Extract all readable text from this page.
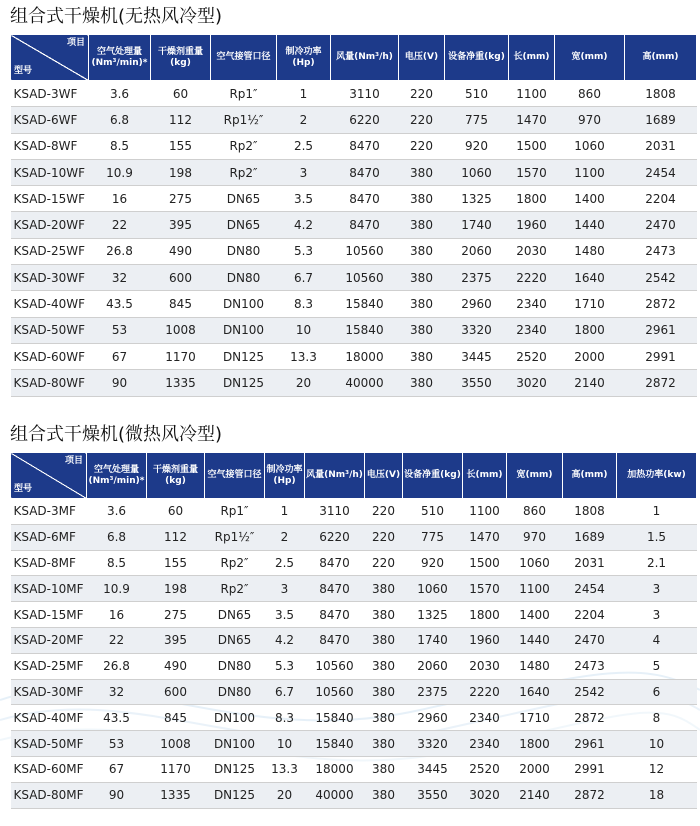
组合式干燥机(无热风冷型)
项目
型号	空气处理量(Nm³/min)*	干燥剂重量(kg)	空气接管口径	制冷功率(Hp)	风量(Nm³/h)	电压(V)	设备净重(kg)	长(mm)	宽(mm)	高(mm)
KSAD-3WF	3.6	60	Rp1″	1	3110	220	510	1100	860	1808
KSAD-6WF	6.8	112	Rp1½″	2	6220	220	775	1470	970	1689
KSAD-8WF	8.5	155	Rp2″	2.5	8470	220	920	1500	1060	2031
KSAD-10WF	10.9	198	Rp2″	3	8470	380	1060	1570	1100	2454
KSAD-15WF	16	275	DN65	3.5	8470	380	1325	1800	1400	2204
KSAD-20WF	22	395	DN65	4.2	8470	380	1740	1960	1440	2470
KSAD-25WF	26.8	490	DN80	5.3	10560	380	2060	2030	1480	2473
KSAD-30WF	32	600	DN80	6.7	10560	380	2375	2220	1640	2542
KSAD-40WF	43.5	845	DN100	8.3	15840	380	2960	2340	1710	2872
KSAD-50WF	53	1008	DN100	10	15840	380	3320	2340	1800	2961
KSAD-60WF	67	1170	DN125	13.3	18000	380	3445	2520	2000	2991
KSAD-80WF	90	1335	DN125	20	40000	380	3550	3020	2140	2872
组合式干燥机(微热风冷型)
项目
型号	空气处理量(Nm³/min)*	干燥剂重量(kg)	空气接管口径	制冷功率(Hp)	风量(Nm³/h)	电压(V)	设备净重(kg)	长(mm)	宽(mm)	高(mm)	加热功率(kw)
KSAD-3MF	3.6	60	Rp1″	1	3110	220	510	1100	860	1808	1
KSAD-6MF	6.8	112	Rp1½″	2	6220	220	775	1470	970	1689	1.5
KSAD-8MF	8.5	155	Rp2″	2.5	8470	220	920	1500	1060	2031	2.1
KSAD-10MF	10.9	198	Rp2″	3	8470	380	1060	1570	1100	2454	3
KSAD-15MF	16	275	DN65	3.5	8470	380	1325	1800	1400	2204	3
KSAD-20MF	22	395	DN65	4.2	8470	380	1740	1960	1440	2470	4
KSAD-25MF	26.8	490	DN80	5.3	10560	380	2060	2030	1480	2473	5
KSAD-30MF	32	600	DN80	6.7	10560	380	2375	2220	1640	2542	6
KSAD-40MF	43.5	845	DN100	8.3	15840	380	2960	2340	1710	2872	8
KSAD-50MF	53	1008	DN100	10	15840	380	3320	2340	1800	2961	10
KSAD-60MF	67	1170	DN125	13.3	18000	380	3445	2520	2000	2991	12
KSAD-80MF	90	1335	DN125	20	40000	380	3550	3020	2140	2872	18
